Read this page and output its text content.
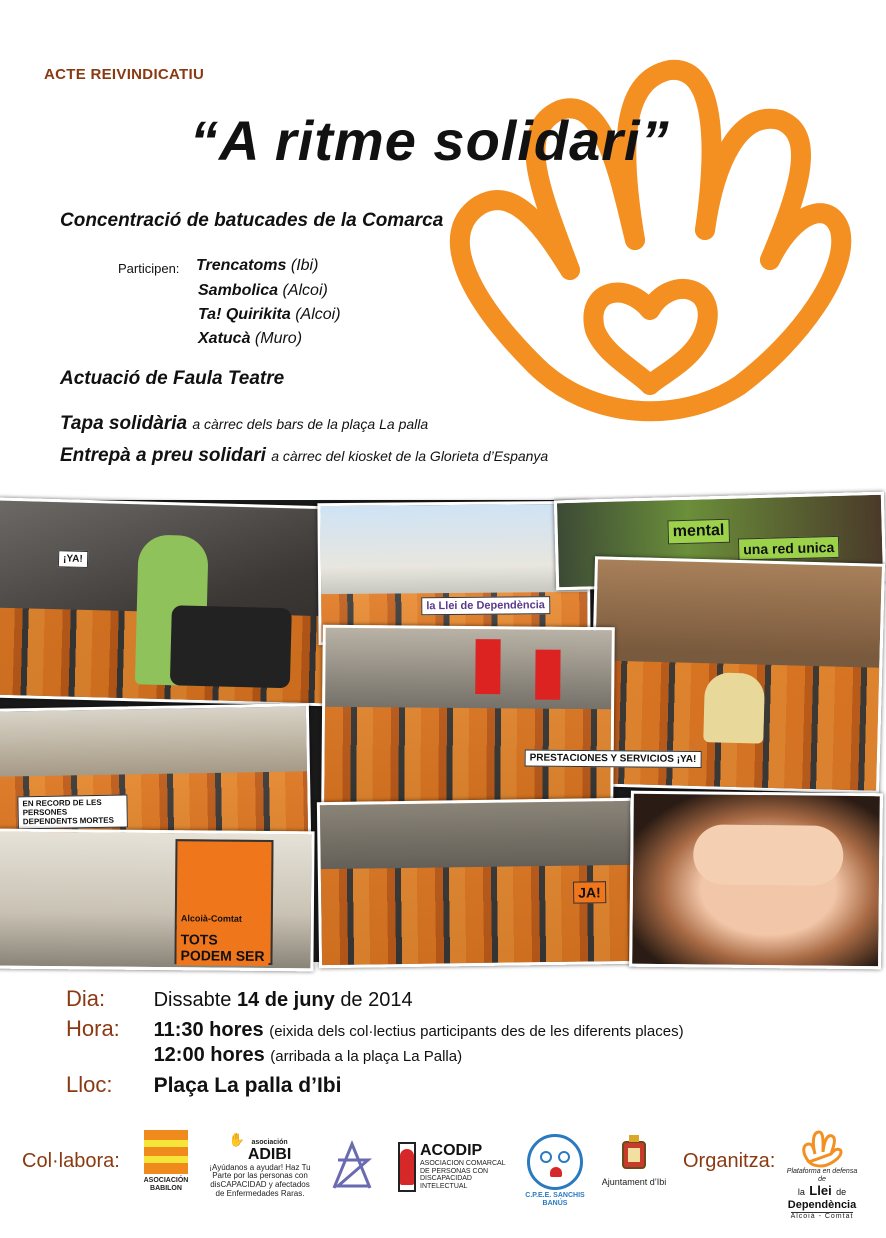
ACTE REIVINDICATIU
“A ritme solidari”
Concentració de batucades de la Comarca
Participen: Trencatoms (Ibi)
Sambolica (Alcoi)
Ta! Quirikita (Alcoi)
Xatucà (Muro)
Actuació de Faula Teatre
Tapa solidària a càrrec dels bars de la plaça La palla
Entrepà a preu solidari a càrrec del kiosket de la Glorieta d’Espanya
¡YA!
la Llei de Dependència
mental
una red unica
PRESTACIONES Y SERVICIOS ¡YA!
EN RECORD DE LES PERSONES DEPENDENTS MORTES
Alcoià-Comtat
TOTS PODEM SER
JA!
Dia: Dissabte 14 de juny de 2014
Hora: 11:30 hores (eixida dels col·lectius participants des de les diferents places)
12:00 hores (arribada a la plaça La Palla)
Lloc: Plaça La palla d’Ibi
Col·labora:
ASOCIACIÓN BABILON
✋ asociación
ADIBI
¡Ayúdanos a ayudar! Haz Tu Parte por las personas con disCAPACIDAD y afectados de Enfermedades Raras.
ACODIP
ASOCIACION COMARCAL DE PERSONAS CON DISCAPACIDAD INTELECTUAL
C.P.E.E. SANCHIS BANÚS
Ajuntament d’Ibi
Organitza:	Plataforma en defensa de
la Llei de
Dependència
Alcoià - Comtat
